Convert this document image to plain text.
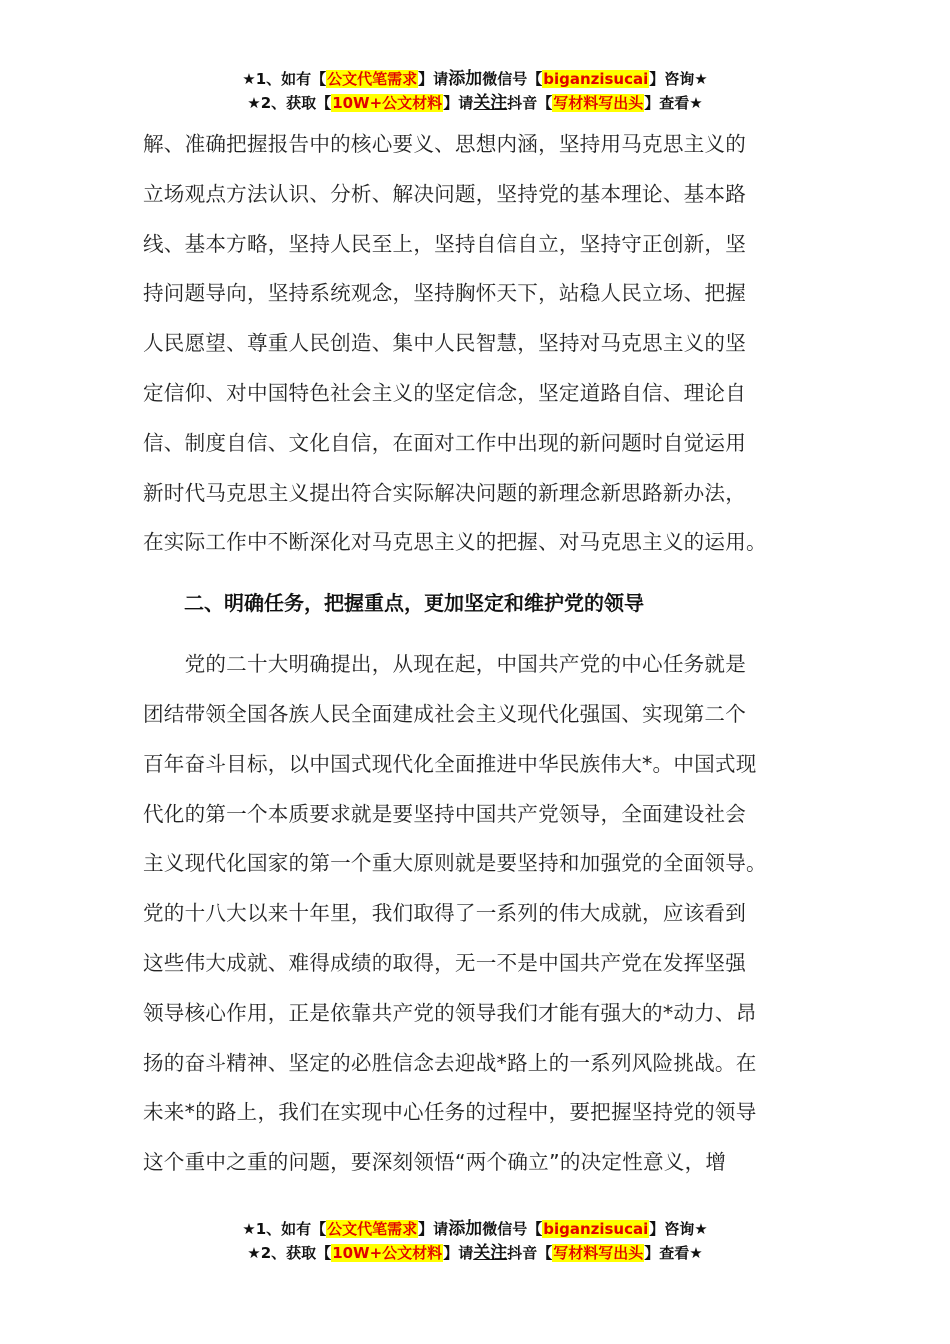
★1、如有【公文代笔需求】请添加微信号【biganzisucai】咨询★
★2、获取【10W+公文材料】请关注抖音【写材料写出头】查看★
解、准确把握报告中的核心要义、思想内涵，坚持用马克思主义的
立场观点方法认识、分析、解决问题，坚持党的基本理论、基本路
线、基本方略，坚持人民至上，坚持自信自立，坚持守正创新，坚
持问题导向，坚持系统观念，坚持胸怀天下，站稳人民立场、把握
人民愿望、尊重人民创造、集中人民智慧，坚持对马克思主义的坚
定信仰、对中国特色社会主义的坚定信念，坚定道路自信、理论自
信、制度自信、文化自信，在面对工作中出现的新问题时自觉运用
新时代马克思主义提出符合实际解决问题的新理念新思路新办法，
在实际工作中不断深化对马克思主义的把握、对马克思主义的运用。
二、明确任务，把握重点，更加坚定和维护党的领导
　　党的二十大明确提出，从现在起，中国共产党的中心任务就是
团结带领全国各族人民全面建成社会主义现代化强国、实现第二个
百年奋斗目标，以中国式现代化全面推进中华民族伟大*。中国式现
代化的第一个本质要求就是要坚持中国共产党领导，全面建设社会
主义现代化国家的第一个重大原则就是要坚持和加强党的全面领导。
党的十八大以来十年里，我们取得了一系列的伟大成就，应该看到
这些伟大成就、难得成绩的取得，无一不是中国共产党在发挥坚强
领导核心作用，正是依靠共产党的领导我们才能有强大的*动力、昂
扬的奋斗精神、坚定的必胜信念去迎战*路上的一系列风险挑战。在
未来*的路上，我们在实现中心任务的过程中，要把握坚持党的领导
这个重中之重的问题，要深刻领悟“两个确立”的决定性意义，增
★1、如有【公文代笔需求】请添加微信号【biganzisucai】咨询★
★2、获取【10W+公文材料】请关注抖音【写材料写出头】查看★
